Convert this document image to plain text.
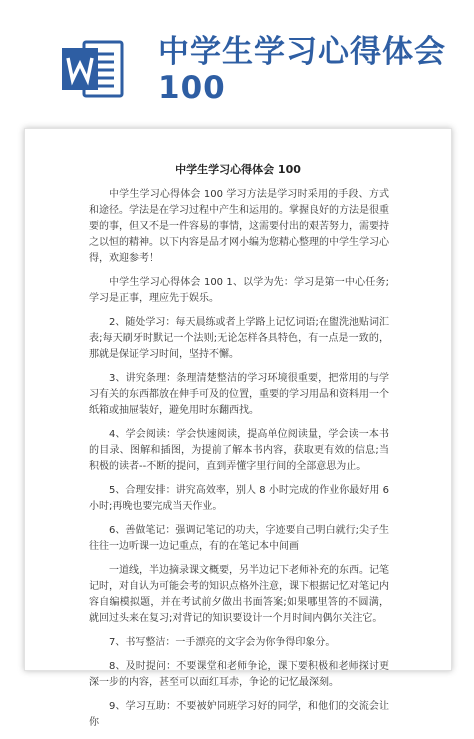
中学生学习心得体会100
中学生学习心得体会 100

中学生学习心得体会 100 学习方法是学习时采用的手段、方式和途径。学法是在学习过程中产生和运用的。掌握良好的方法是很重要的事，但又不是一件容易的事情，这需要付出的艰苦努力，需要持之以恒的精神。以下内容是品才网小编为您精心整理的中学生学习心得，欢迎参考！

中学生学习心得体会 100 1、以学为先：学习是第一中心任务;学习是正事，理应先于娱乐。

2、随处学习：每天晨练或者上学路上记忆词语;在盥洗池贴词汇表;每天刷牙时默记一个法则;无论怎样各具特色，有一点是一致的，那就是保证学习时间，坚持不懈。

3、讲究条理：条理清楚整洁的学习环境很重要，把常用的与学习有关的东西都放在伸手可及的位置，重要的学习用品和资料用一个纸箱或抽屉装好，避免用时东翻西找。

4、学会阅读：学会快速阅读，提高单位阅读量，学会读一本书的目录、图解和插图，为提前了解本书内容，获取更有效的信息;当积极的读者--不断的提问，直到弄懂字里行间的全部意思为止。

5、合理安排：讲究高效率，别人 8 小时完成的作业你最好用 6 小时;再晚也要完成当天作业。

6、善做笔记：强调记笔记的功夫，字迹要自己明白就行;尖子生往往一边听课一边记重点，有的在笔记本中间画

一道线，半边摘录课文概要，另半边记下老师补充的东西。记笔记时，对自认为可能会考的知识点格外注意，课下根据记忆对笔记内容自编模拟题，并在考试前夕做出书面答案;如果哪里答的不圆满，就回过头来在复习;对背记的知识要设计一个月时间内偶尔关注它。

7、书写整洁：一手漂亮的文字会为你争得印象分。

8、及时提问：不要课堂和老师争论，课下要积极和老师探讨更深一步的内容，甚至可以面红耳赤，争论的记忆最深刻。

9、学习互助：不要被妒同班学习好的同学，和他们的交流会让你
